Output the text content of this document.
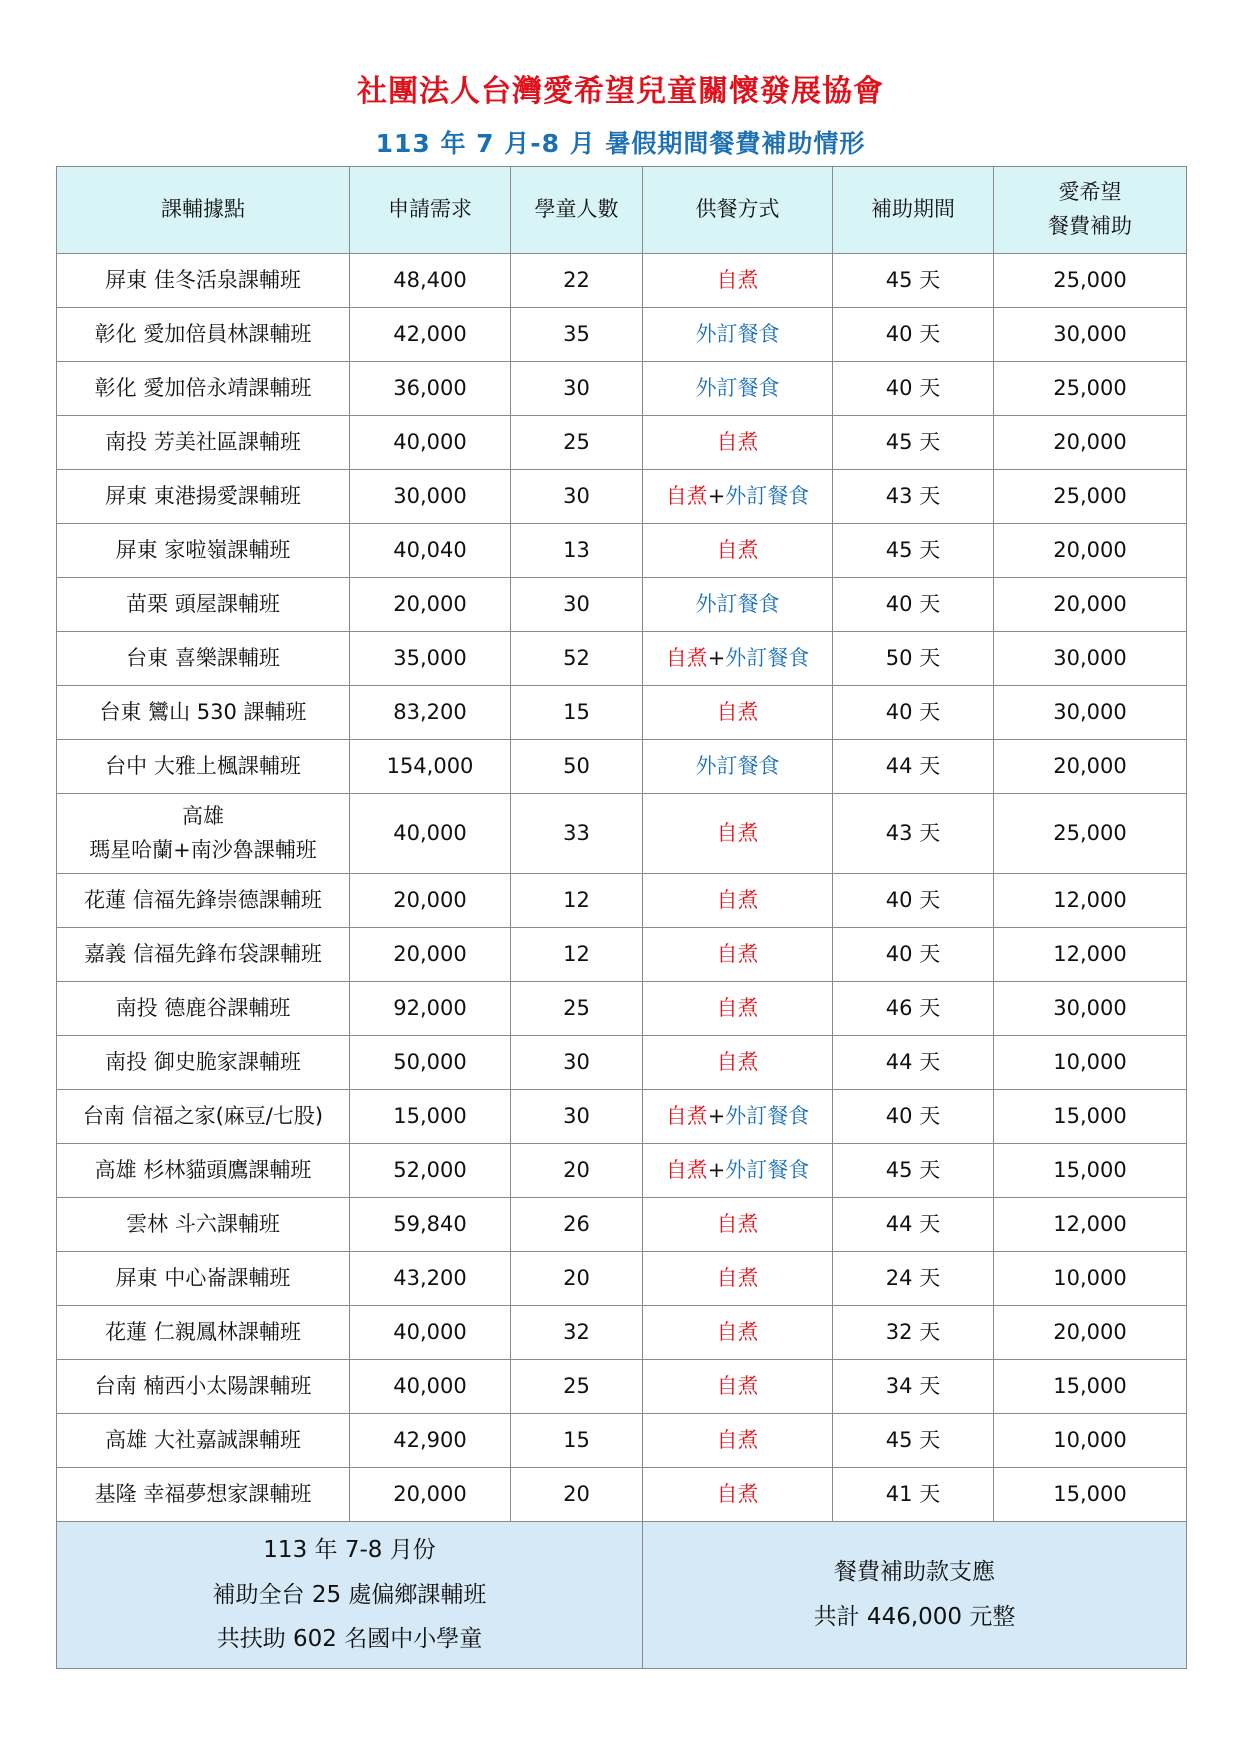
社團法人台灣愛希望兒童關懷發展協會
113 年 7 月-8 月 暑假期間餐費補助情形
課輔據點	申請需求	學童人數	供餐方式	補助期間	愛希望
餐費補助

屏東 佳冬活泉課輔班	48,400	22	自煮	45 天	25,000
彰化 愛加倍員林課輔班	42,000	35	外訂餐食	40 天	30,000
彰化 愛加倍永靖課輔班	36,000	30	外訂餐食	40 天	25,000
南投 芳美社區課輔班	40,000	25	自煮	45 天	20,000
屏東 東港揚愛課輔班	30,000	30	自煮+外訂餐食	43 天	25,000
屏東 家啦嶺課輔班	40,040	13	自煮	45 天	20,000
苗栗 頭屋課輔班	20,000	30	外訂餐食	40 天	20,000
台東 喜樂課輔班	35,000	52	自煮+外訂餐食	50 天	30,000
台東 鸞山 530 課輔班	83,200	15	自煮	40 天	30,000
台中 大雅上楓課輔班	154,000	50	外訂餐食	44 天	20,000

高雄
瑪星哈蘭+南沙魯課輔班	40,000	33	自煮	43 天	25,000
花蓮 信福先鋒崇德課輔班	20,000	12	自煮	40 天	12,000
嘉義 信福先鋒布袋課輔班	20,000	12	自煮	40 天	12,000
南投 德鹿谷課輔班	92,000	25	自煮	46 天	30,000
南投 御史脆家課輔班	50,000	30	自煮	44 天	10,000
台南 信福之家(麻豆/七股)	15,000	30	自煮+外訂餐食	40 天	15,000
高雄 杉林貓頭鷹課輔班	52,000	20	自煮+外訂餐食	45 天	15,000
雲林 斗六課輔班	59,840	26	自煮	44 天	12,000
屏東 中心崙課輔班	43,200	20	自煮	24 天	10,000
花蓮 仁親鳳林課輔班	40,000	32	自煮	32 天	20,000
台南 楠西小太陽課輔班	40,000	25	自煮	34 天	15,000
高雄 大社嘉誠課輔班	42,900	15	自煮	45 天	10,000
基隆 幸福夢想家課輔班	20,000	20	自煮	41 天	15,000

113 年 7-8 月份
補助全台 25 處偏鄉課輔班
共扶助 602 名國中小學童			餐費補助款支應
共計 446,000 元整		
